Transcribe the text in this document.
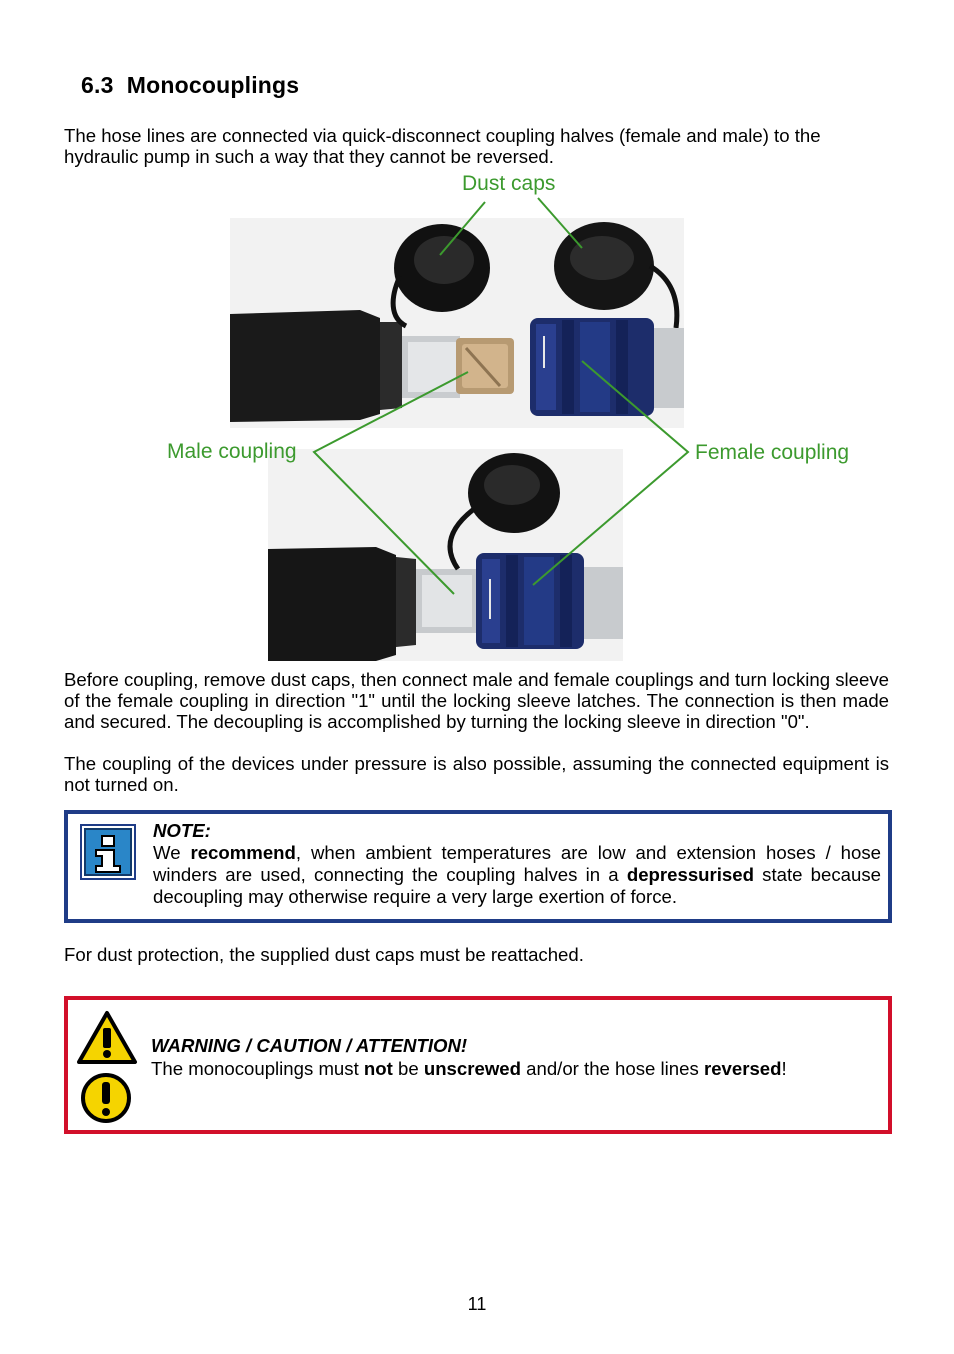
6.3 Monocouplings

The hose lines are connected via quick-disconnect coupling halves (female and male) to the hydraulic pump in such a way that they cannot be reversed.

Dust caps
Male coupling	Female coupling

Before coupling, remove dust caps, then connect male and female couplings and turn locking sleeve of the female coupling in direction "1" until the locking sleeve latches. The connection is then made and secured. The decoupling is accomplished by turning the locking sleeve in direction "0".

The coupling of the devices under pressure is also possible, assuming the connected equipment is not turned on.

NOTE:
We recommend, when ambient temperatures are low and extension hoses / hose winders are used, connecting the coupling halves in a depressurised state because decoupling may otherwise require a very large exertion of force.

For dust protection, the supplied dust caps must be reattached.

WARNING / CAUTION / ATTENTION!
The monocouplings must not be unscrewed and/or the hose lines reversed!
11
